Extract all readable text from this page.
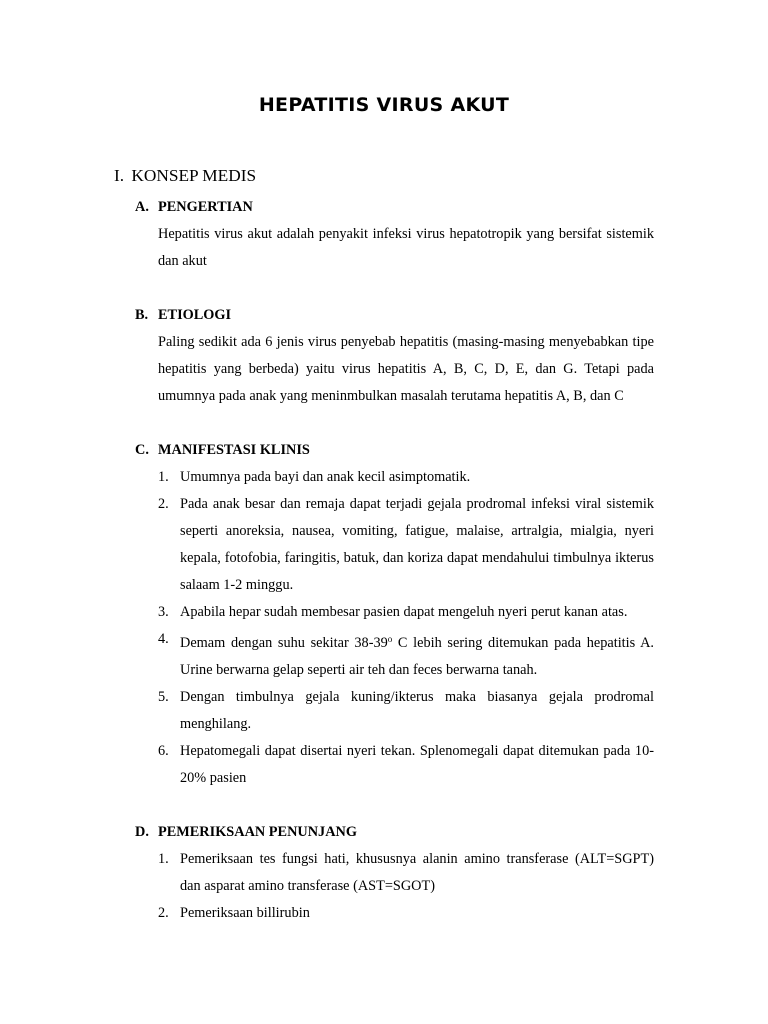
HEPATITIS VIRUS AKUT
I. KONSEP MEDIS
A. PENGERTIAN

Hepatitis virus akut adalah penyakit infeksi virus hepatotropik yang bersifat sistemik dan akut

B. ETIOLOGI

Paling sedikit ada 6 jenis virus penyebab hepatitis (masing-masing menyebabkan tipe hepatitis yang berbeda) yaitu virus hepatitis A, B, C, D, E, dan G. Tetapi pada umumnya pada anak yang meninmbulkan masalah terutama hepatitis A, B, dan C

C. MANIFESTASI KLINIS
1. Umumnya pada bayi dan anak kecil asimptomatik.
2. Pada anak besar dan remaja dapat terjadi gejala prodromal infeksi viral sistemik seperti anoreksia, nausea, vomiting, fatigue, malaise, artralgia, mialgia, nyeri kepala, fotofobia, faringitis, batuk, dan koriza dapat mendahului timbulnya ikterus salaam 1-2 minggu.
3. Apabila hepar sudah membesar pasien dapat mengeluh nyeri perut kanan atas.
4. Demam dengan suhu sekitar 38-39$^o$ C lebih sering ditemukan pada hepatitis A. Urine berwarna gelap seperti air teh dan feces berwarna tanah.
5. Dengan timbulnya gejala kuning/ikterus maka biasanya gejala prodromal menghilang.
6. Hepatomegali dapat disertai nyeri tekan. Splenomegali dapat ditemukan pada 10-20% pasien
D. PEMERIKSAAN PENUNJANG
1. Pemeriksaan tes fungsi hati, khususnya alanin amino transferase (ALT=SGPT) dan asparat amino transferase (AST=SGOT)
2. Pemeriksaan billirubin
